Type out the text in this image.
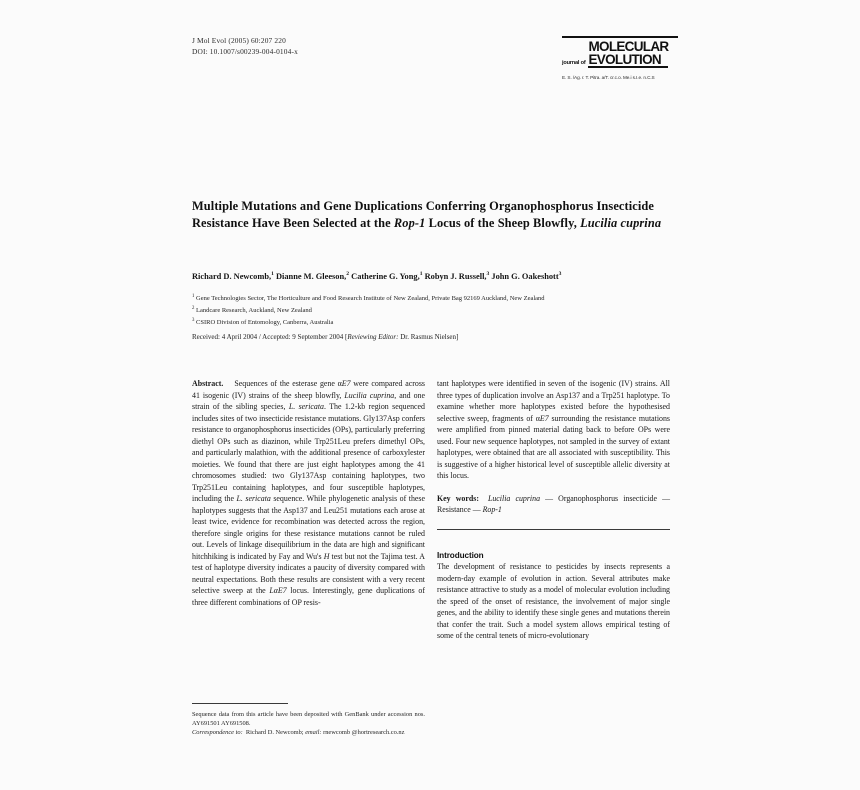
J Mol Evol (2005) 60:207 220
DOI: 10.1007/s00239-004-0104-x
journal of
MOLECULAR
EVOLUTION
E. S. /Ag. r. T. Pitra. a/T. cr.c.o. Me.i s.I.e. n.C.S
Multiple Mutations and Gene Duplications Conferring Organophosphorus Insecticide Resistance Have Been Selected at the Rop-1 Locus of the Sheep Blowfly, Lucilia cuprina
Richard D. Newcomb,$^1$ Dianne M. Gleeson,$^2$ Catherine G. Yong,$^1$ Robyn J. Russell,$^3$ John G. Oakeshott$^3$
$^1$ Gene Technologies Sector, The Horticulture and Food Research Institute of New Zealand, Private Bag 92169 Auckland, New Zealand
$^2$ Landcare Research, Auckland, New Zealand
$^3$ CSIRO Division of Entomology, Canberra, Australia
Received: 4 April 2004 / Accepted: 9 September 2004 [Reviewing Editor: Dr. Rasmus Nielsen]

Abstract.    Sequences of the esterase gene αE7 were compared across 41 isogenic (IV) strains of the sheep blowfly, Lucilia cuprina, and one strain of the sibling species, L. sericata. The 1.2-kb region sequenced includes sites of two insecticide resistance mutations. Gly137Asp confers resistance to organophosphorus insecticides (OPs), particularly preferring diethyl OPs such as diazinon, while Trp251Leu prefers dimethyl OPs, and particularly malathion, with the additional presence of carboxylester moieties. We found that there are just eight haplotypes among the 41 chromosomes studied: two Gly137Asp containing haplotypes, two Trp251Leu containing haplotypes, and four susceptible haplotypes, including the L. sericata sequence. While phylogenetic analysis of these haplotypes suggests that the Asp137 and Leu251 mutations each arose at least twice, evidence for recombination was detected across the region, therefore single origins for these resistance mutations cannot be ruled out. Levels of linkage disequilibrium in the data are high and significant hitchhiking is indicated by Fay and Wu's H test but not the Tajima test. A test of haplotype diversity indicates a paucity of diversity compared with neutral expectations. Both these results are consistent with a very recent selective sweep at the LαE7 locus. Interestingly, gene duplications of three different combinations of OP resis-

tant haplotypes were identified in seven of the isogenic (IV) strains. All three types of duplication involve an Asp137 and a Trp251 haplotype. To examine whether more haplotypes existed before the hypothesised selective sweep, fragments of αE7 surrounding the resistance mutations were amplified from pinned material dating back to before OPs were used. Four new sequence haplotypes, not sampled in the survey of extant haplotypes, were obtained that are all associated with susceptibility. This is suggestive of a higher historical level of susceptible allelic diversity at this locus.

Key words: Lucilia cuprina — Organophosphorus insecticide — Resistance — Rop-1
Introduction

The development of resistance to pesticides by insects represents a modern-day example of evolution in action. Several attributes make resistance attractive to study as a model of molecular evolution including the speed of the onset of resistance, the involvement of major single genes, and the ability to identify these single genes and mutations therein that confer the trait. Such a model system allows empirical testing of some of the central tenets of micro-evolutionary

Sequence data from this article have been deposited with GenBank under accession nos. AY691501 AY691508.

Correspondence to:  Richard D. Newcomb; email: rnewcomb @hortresearch.co.nz
